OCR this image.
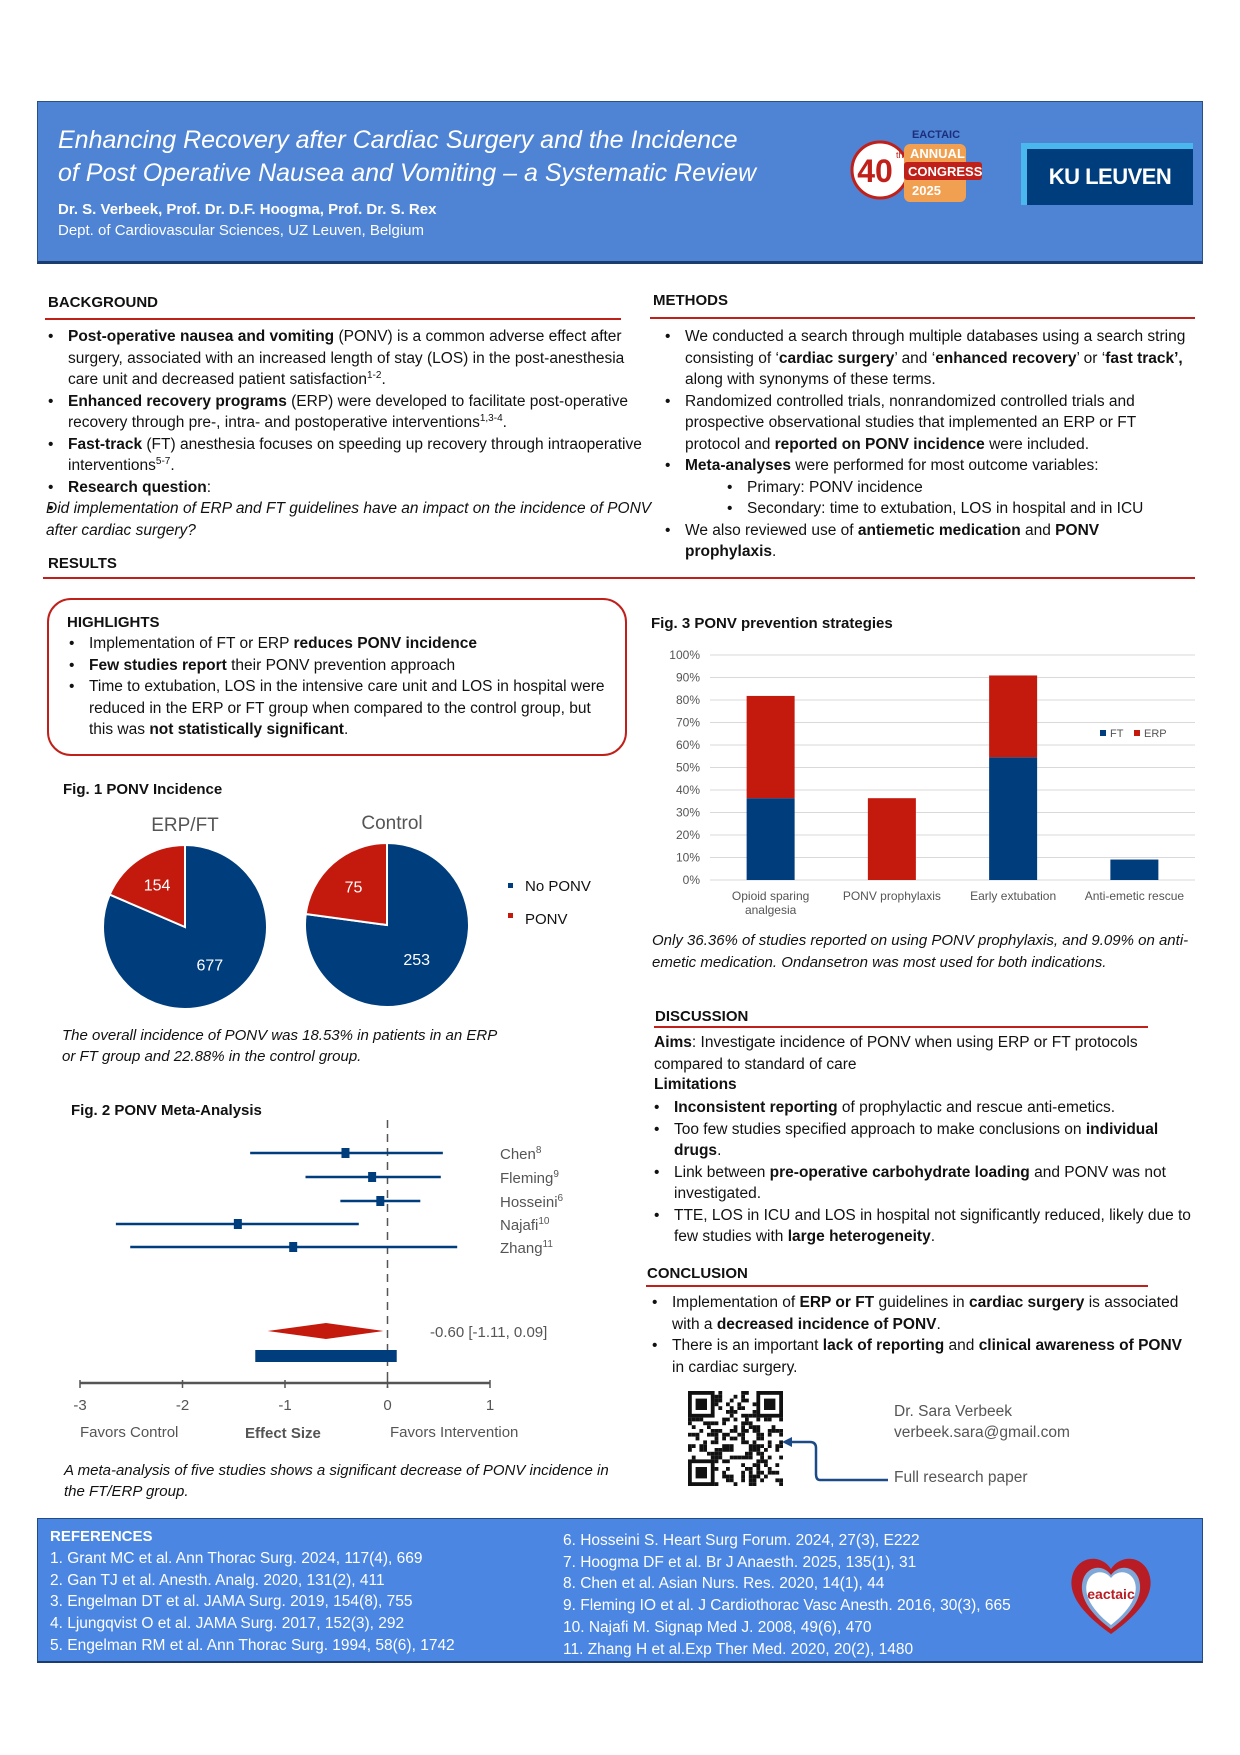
Enhancing Recovery after Cardiac Surgery and the Incidence
of Post Operative Nausea and Vomiting – a Systematic Review
Dr. S. Verbeek, Prof. Dr. D.F. Hoogma, Prof. Dr. S. Rex
Dept. of Cardiovascular Sciences, UZ Leuven, Belgium
EACTAIC
40 th ANNUAL
CONGRESS
2025
KU LEUVEN
BACKGROUND
• Post-operative nausea and vomiting (PONV) is a common adverse effect after surgery, associated with an increased length of stay (LOS) in the post-anesthesia care unit and decreased patient satisfaction$^{1-2}$.
• Enhanced recovery programs (ERP) were developed to facilitate post-operative recovery through pre-, intra- and postoperative interventions$^{1,3-4}$.
• Fast-track (FT) anesthesia focuses on speeding up recovery through intraoperative interventions$^{5-7}$.
• Research question:
• Did implementation of ERP and FT guidelines have an impact on the incidence of PONV after cardiac surgery?
METHODS
• We conducted a search through multiple databases using a search string consisting of ‘cardiac surgery’ and ‘enhanced recovery’ or ‘fast track’, along with synonyms of these terms.
• Randomized controlled trials, nonrandomized controlled trials and prospective observational studies that implemented an ERP or FT protocol and reported on PONV incidence were included.
• Meta-analyses were performed for most outcome variables:
• Primary: PONV incidence
• Secondary: time to extubation, LOS in hospital and in ICU
• We also reviewed use of antiemetic medication and PONV prophylaxis.
RESULTS
HIGHLIGHTS
• Implementation of FT or ERP reduces PONV incidence
• Few studies report their PONV prevention approach
• Time to extubation, LOS in the intensive care unit and LOS in hospital were reduced in the ERP or FT group when compared to the control group, but this was not statistically significant.
Fig. 1 PONV Incidence
ERP/FT	Control
677
154
253
75	No PONV
PONV
The overall incidence of PONV was 18.53% in patients in an ERP or FT group and 22.88% in the control group.
Fig. 2 PONV Meta-Analysis
Chen$^8$
Fleming$^9$
Hosseini$^6$
Najafi$^{10}$
Zhang$^{11}$
-3	-2	-1	0	1
-0.60 [-1.11, 0.09]
Favors Control	Effect Size	Favors Intervention
A meta-analysis of five studies shows a significant decrease of PONV incidence in the FT/ERP group.
Fig. 3 PONV prevention strategies
0%
10%
20%
30%
40%
50%
60%
70%
80%
90%
100%
Opioid sparing
analgesia
PONV prophylaxis Early extubation Anti-emetic rescue
FT ERP
Only 36.36% of studies reported on using PONV prophylaxis, and 9.09% on anti-emetic medication. Ondansetron was most used for both indications.
DISCUSSION
Aims: Investigate incidence of PONV when using ERP or FT protocols compared to standard of care
Limitations
• Inconsistent reporting of prophylactic and rescue anti-emetics.
• Too few studies specified approach to make conclusions on individual drugs.
• Link between pre-operative carbohydrate loading and PONV was not investigated.
• TTE, LOS in ICU and LOS in hospital not significantly reduced, likely due to few studies with large heterogeneity.
CONCLUSION
• Implementation of ERP or FT guidelines in cardiac surgery is associated with a decreased incidence of PONV.
• There is an important lack of reporting and clinical awareness of PONV in cardiac surgery.
Dr. Sara Verbeek
verbeek.sara@gmail.com
Full research paper
REFERENCES
1. Grant MC et al. Ann Thorac Surg. 2024, 117(4), 669
2. Gan TJ et al. Anesth. Analg. 2020, 131(2), 411
3. Engelman DT et al. JAMA Surg. 2019, 154(8), 755
4. Ljungqvist O et al. JAMA Surg. 2017, 152(3), 292
5. Engelman RM et al. Ann Thorac Surg. 1994, 58(6), 1742
6. Hosseini S. Heart Surg Forum. 2024, 27(3), E222
7. Hoogma DF et al. Br J Anaesth. 2025, 135(1), 31
8. Chen et al. Asian Nurs. Res. 2020, 14(1), 44
9. Fleming IO et al. J Cardiothorac Vasc Anesth. 2016, 30(3), 665
10. Najafi M. Signap Med J. 2008, 49(6), 470
11. Zhang H et al.Exp Ther Med. 2020, 20(2), 1480
eactaic
